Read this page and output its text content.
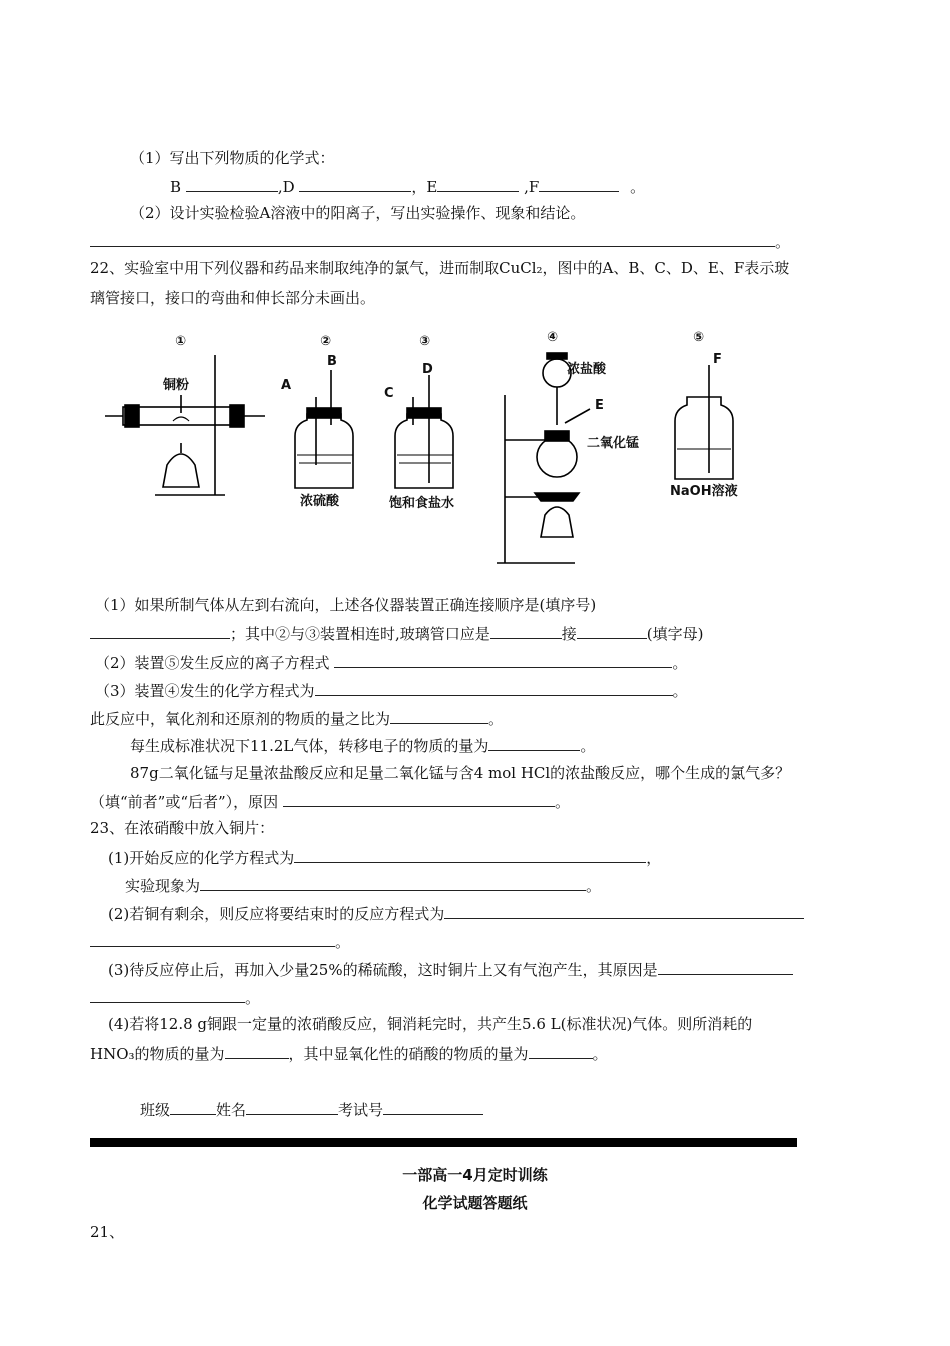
（1）写出下列物质的化学式：
B	,D	，E	,F	。
（2）设计实验检验A溶液中的阳离子，写出实验操作、现象和结论。
。
22、实验室中用下列仪器和药品来制取纯净的氯气，进而制取CuCl₂，图中的A、B、C、D、E、F表示玻
璃管接口，接口的弯曲和伸长部分未画出。
①
铜粉
②
A
B
浓硫酸
③
C
D
饱和食盐水
④
浓盐酸
E
二氧化锰
⑤
F
NaOH溶液
（1）如果所制气体从左到右流向，上述各仪器装置正确连接顺序是(填序号)
；其中②与③装置相连时,玻璃管口应是	接	(填字母)
（2）装置⑤发生反应的离子方程式	。
（3）装置④发生的化学方程式为	。
此反应中，氧化剂和还原剂的物质的量之比为	。
每生成标准状况下11.2L气体，转移电子的物质的量为	。
87g二氧化锰与足量浓盐酸反应和足量二氧化锰与含4 mol HCl的浓盐酸反应，哪个生成的氯气多？
（填“前者”或“后者”），原因	。
23、在浓硝酸中放入铜片：
(1)开始反应的化学方程式为	，
实验现象为	。
(2)若铜有剩余，则反应将要结束时的反应方程式为
。
(3)待反应停止后，再加入少量25%的稀硫酸，这时铜片上又有气泡产生，其原因是
。
(4)若将12.8 g铜跟一定量的浓硝酸反应，铜消耗完时，共产生5.6 L(标准状况)气体。则所消耗的
HNO₃的物质的量为	，其中显氧化性的硝酸的物质的量为	。
班级	姓名	考试号
一部高一4月定时训练
化学试题答题纸
21、
